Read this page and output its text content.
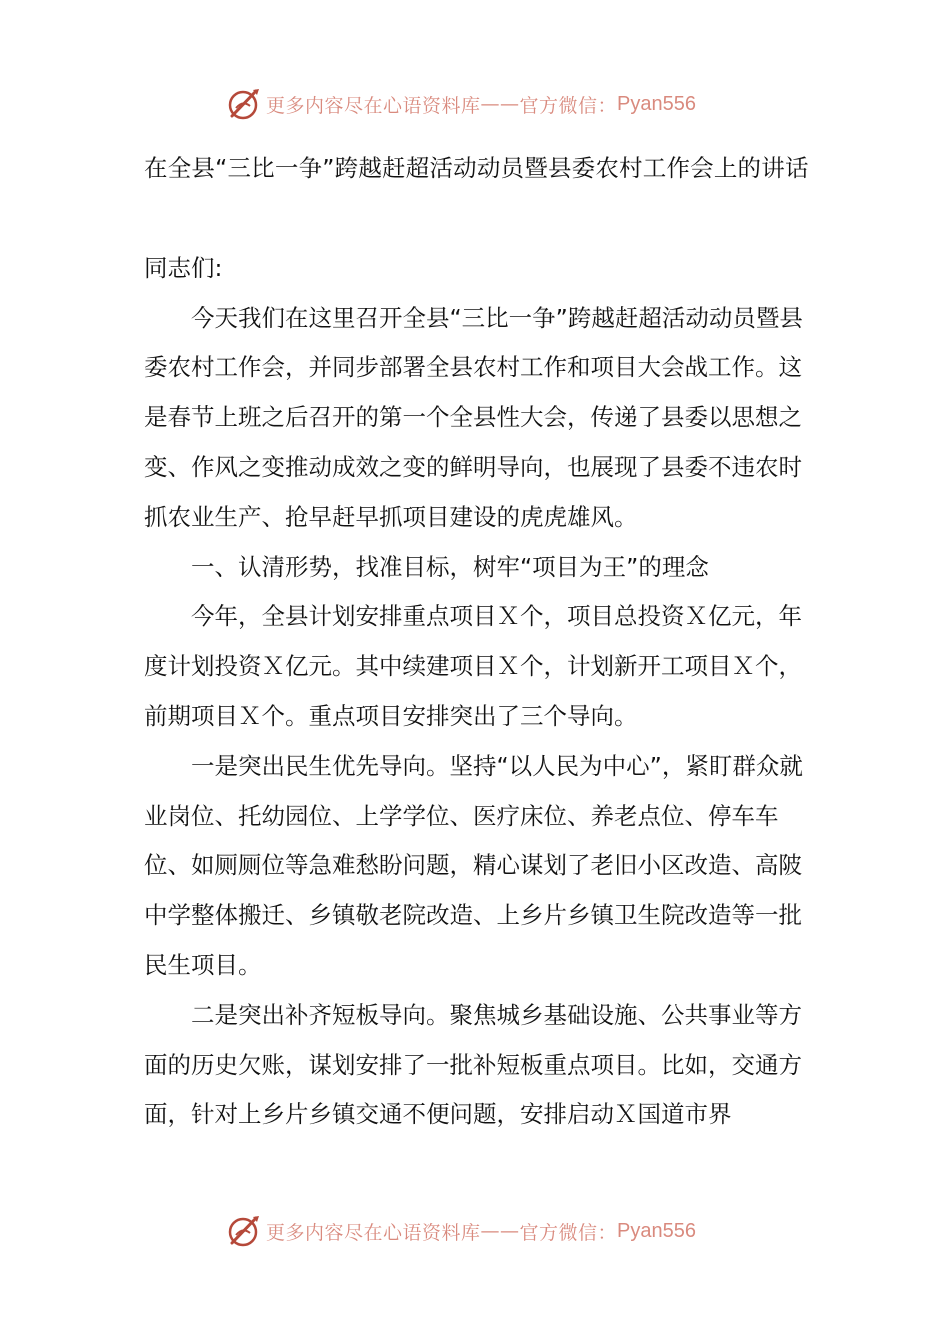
更多内容尽在心语资料库 —— 官方微信： Pyan556

在全县“三比一争”跨越赶超活动动员暨县委农村工作会上的讲话

同志们:

今天我们在这里召开全县“三比一争”跨越赶超活动动员暨县委农村工作会，并同步部署全县农村工作和项目大会战工作。这是春节上班之后召开的第一个全县性大会，传递了县委以思想之变、作风之变推动成效之变的鲜明导向，也展现了县委不违农时抓农业生产、抢早赶早抓项目建设的虎虎雄风。

一、认清形势，找准目标，树牢“项目为王”的理念

今年，全县计划安排重点项目Ｘ个，项目总投资Ｘ亿元，年度计划投资Ｘ亿元。其中续建项目Ｘ个，计划新开工项目Ｘ个，前期项目Ｘ个。重点项目安排突出了三个导向。

一是突出民生优先导向。坚持“以人民为中心”，紧盯群众就业岗位、托幼园位、上学学位、医疗床位、养老点位、停车车位、如厕厕位等急难愁盼问题，精心谋划了老旧小区改造、高陂中学整体搬迁、乡镇敬老院改造、上乡片乡镇卫生院改造等一批民生项目。

二是突出补齐短板导向。聚焦城乡基础设施、公共事业等方面的历史欠账，谋划安排了一批补短板重点项目。比如，交通方面，针对上乡片乡镇交通不便问题，安排启动Ｘ国道市界

更多内容尽在心语资料库 —— 官方微信： Pyan556
